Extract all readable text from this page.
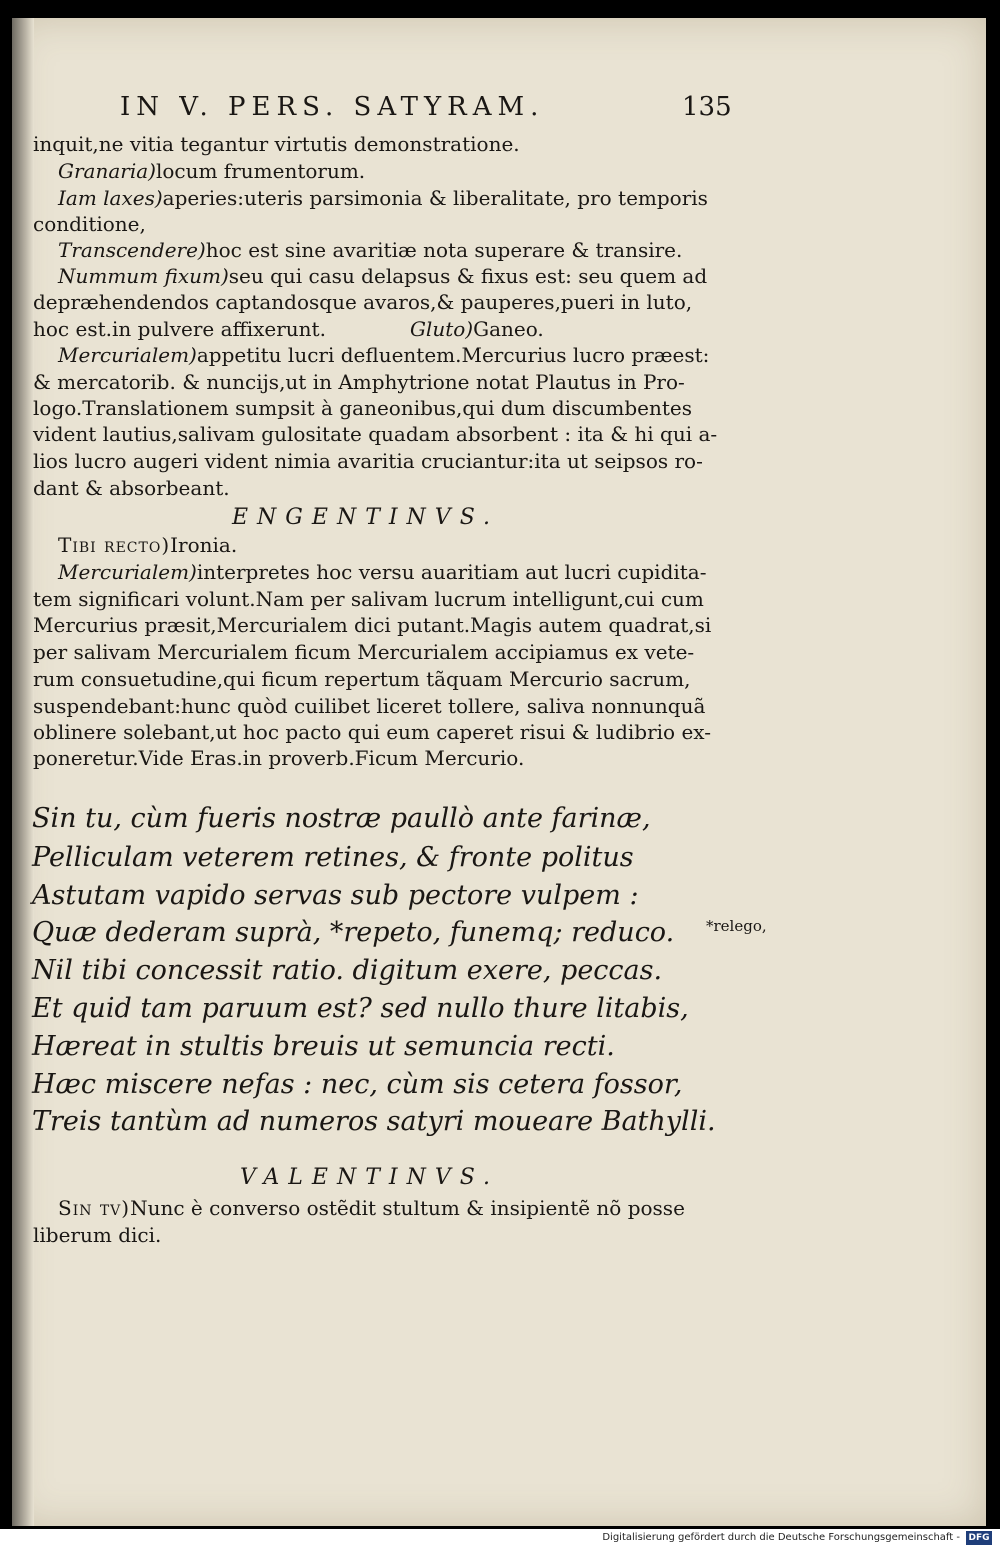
IN V. PERS. SATYRAM.	135
inquit,ne vitia tegantur virtutis demonstratione.
Granaria)locum frumentorum.
Iam laxes)aperies:uteris parsimonia & liberalitate, pro temporis
conditione,
Transcendere)hoc est sine avaritiæ nota superare & transire.
Nummum fixum)seu qui casu delapsus & fixus est: seu quem ad
depræhendendos captandosque avaros,& pauperes,pueri in luto,
hoc est.in pulvere affixerunt.	Gluto)Ganeo.
Mercurialem)appetitu lucri defluentem.Mercurius lucro præest:
& mercatorib. & nuncijs,ut in Amphytrione notat Plautus in Pro-
logo.Translationem sumpsit à ganeonibus,qui dum discumbentes
vident lautius,salivam gulositate quadam absorbent : ita & hi qui a-
lios lucro augeri vident nimia avaritia cruciantur:ita ut seipsos ro-
dant & absorbeant.
ENGENTINVS.
Tibi recto)Ironia.
Mercurialem)interpretes hoc versu auaritiam aut lucri cupidita-
tem significari volunt.Nam per salivam lucrum intelligunt,cui cum
Mercurius præsit,Mercurialem dici putant.Magis autem quadrat,si
per salivam Mercurialem ficum Mercurialem accipiamus ex vete-
rum consuetudine,qui ficum repertum tãquam Mercurio sacrum,
suspendebant:hunc quòd cuilibet liceret tollere, saliva nonnunquã
oblinere solebant,ut hoc pacto qui eum caperet risui & ludibrio ex-
poneretur.Vide Eras.in proverb.Ficum Mercurio.
Sin tu, cùm fueris nostræ paullò ante farinæ,
Pelliculam veterem retines, & fronte politus
Astutam vapido servas sub pectore vulpem :
Quæ dederam suprà, *repeto, funemq; reduco.
Nil tibi concessit ratio. digitum exere, peccas.
Et quid tam paruum est? sed nullo thure litabis,
Hæreat in stultis breuis ut semuncia recti.
Hæc miscere nefas : nec, cùm sis cetera fossor,
Treis tantùm ad numeros satyri moueare Bathylli.
*relego,
VALENTINVS.
Sin tv)Nunc è converso ostẽdit stultum & insipientẽ nõ posse
liberum dici.
Digitalisierung gefördert durch die Deutsche Forschungsgemeinschaft - DFG
